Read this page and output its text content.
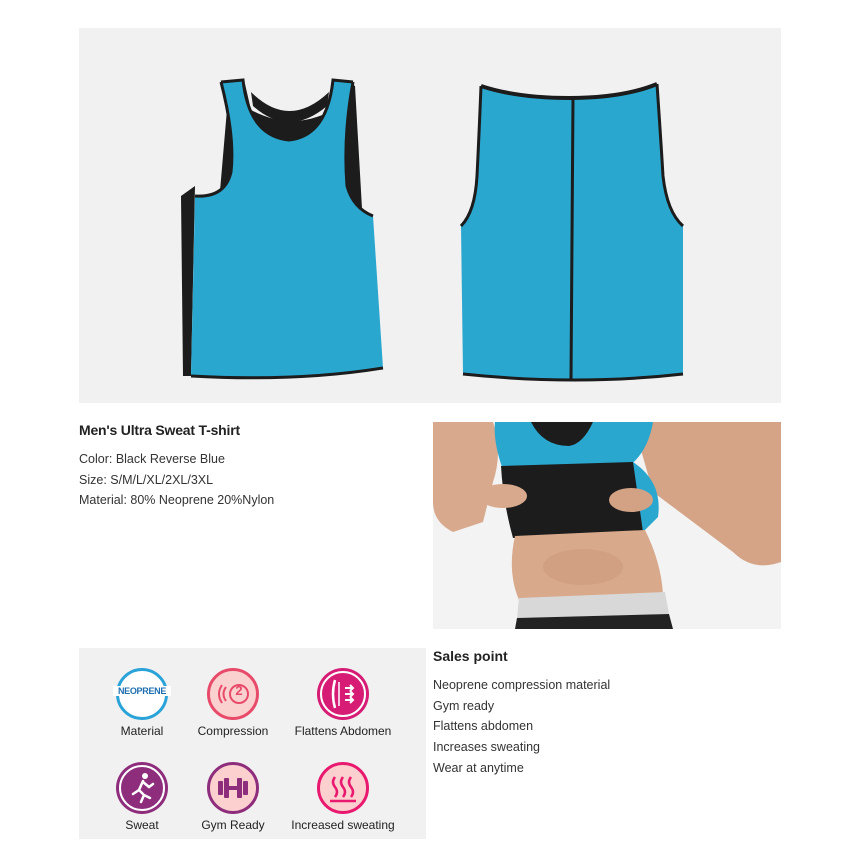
Men's Ultra Sweat T-shirt
Color: Black Reverse Blue
Size: S/M/L/XL/2XL/3XL
Material: 80% Neoprene 20%Nylon
NEOPRENE
Material
2
Compression	Flattens Abdomen
Sweat	Gym Ready	Increased sweating
Sales point
Neoprene compression material
Gym ready
Flattens abdomen
Increases sweating
Wear at anytime
